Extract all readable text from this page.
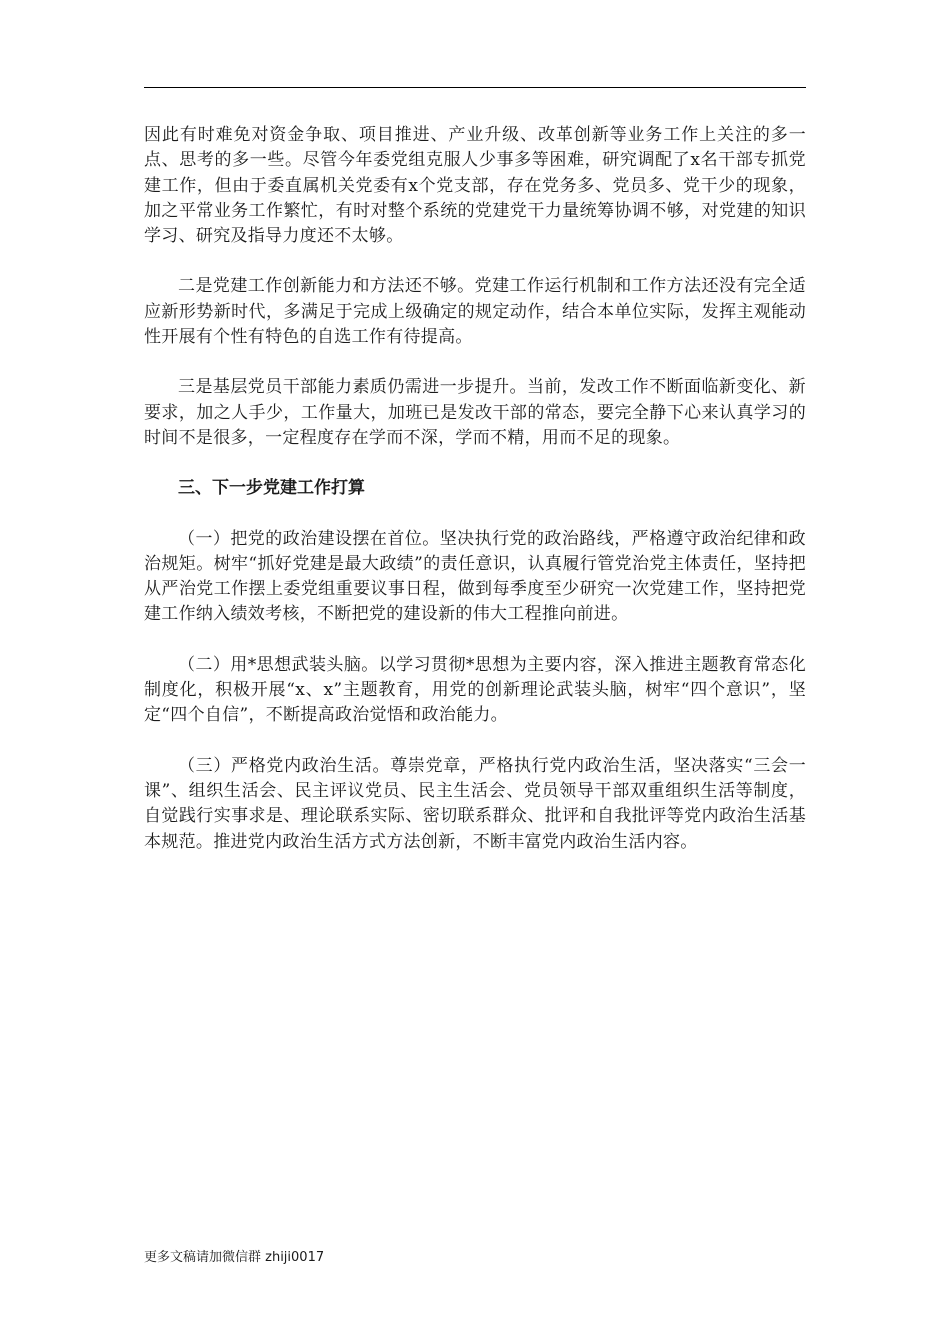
因此有时难免对资金争取、项目推进、产业升级、改革创新等业务工作上关注的多一点、思考的多一些。尽管今年委党组克服人少事多等困难，研究调配了x名干部专抓党建工作，但由于委直属机关党委有x个党支部，存在党务多、党员多、党干少的现象，加之平常业务工作繁忙，有时对整个系统的党建党干力量统筹协调不够，对党建的知识学习、研究及指导力度还不太够。

二是党建工作创新能力和方法还不够。党建工作运行机制和工作方法还没有完全适应新形势新时代，多满足于完成上级确定的规定动作，结合本单位实际，发挥主观能动性开展有个性有特色的自选工作有待提高。

三是基层党员干部能力素质仍需进一步提升。当前，发改工作不断面临新变化、新要求，加之人手少，工作量大，加班已是发改干部的常态，要完全静下心来认真学习的时间不是很多，一定程度存在学而不深，学而不精，用而不足的现象。

三、下一步党建工作打算

（一）把党的政治建设摆在首位。坚决执行党的政治路线，严格遵守政治纪律和政治规矩。树牢“抓好党建是最大政绩”的责任意识，认真履行管党治党主体责任，坚持把从严治党工作摆上委党组重要议事日程，做到每季度至少研究一次党建工作，坚持把党建工作纳入绩效考核，不断把党的建设新的伟大工程推向前进。

（二）用*思想武装头脑。以学习贯彻*思想为主要内容，深入推进主题教育常态化制度化，积极开展“x、x”主题教育，用党的创新理论武装头脑，树牢“四个意识”，坚定“四个自信”，不断提高政治觉悟和政治能力。

（三）严格党内政治生活。尊崇党章，严格执行党内政治生活，坚决落实“三会一课”、组织生活会、民主评议党员、民主生活会、党员领导干部双重组织生活等制度，自觉践行实事求是、理论联系实际、密切联系群众、批评和自我批评等党内政治生活基本规范。推进党内政治生活方式方法创新，不断丰富党内政治生活内容。

更多文稿请加微信群 zhiji0017
